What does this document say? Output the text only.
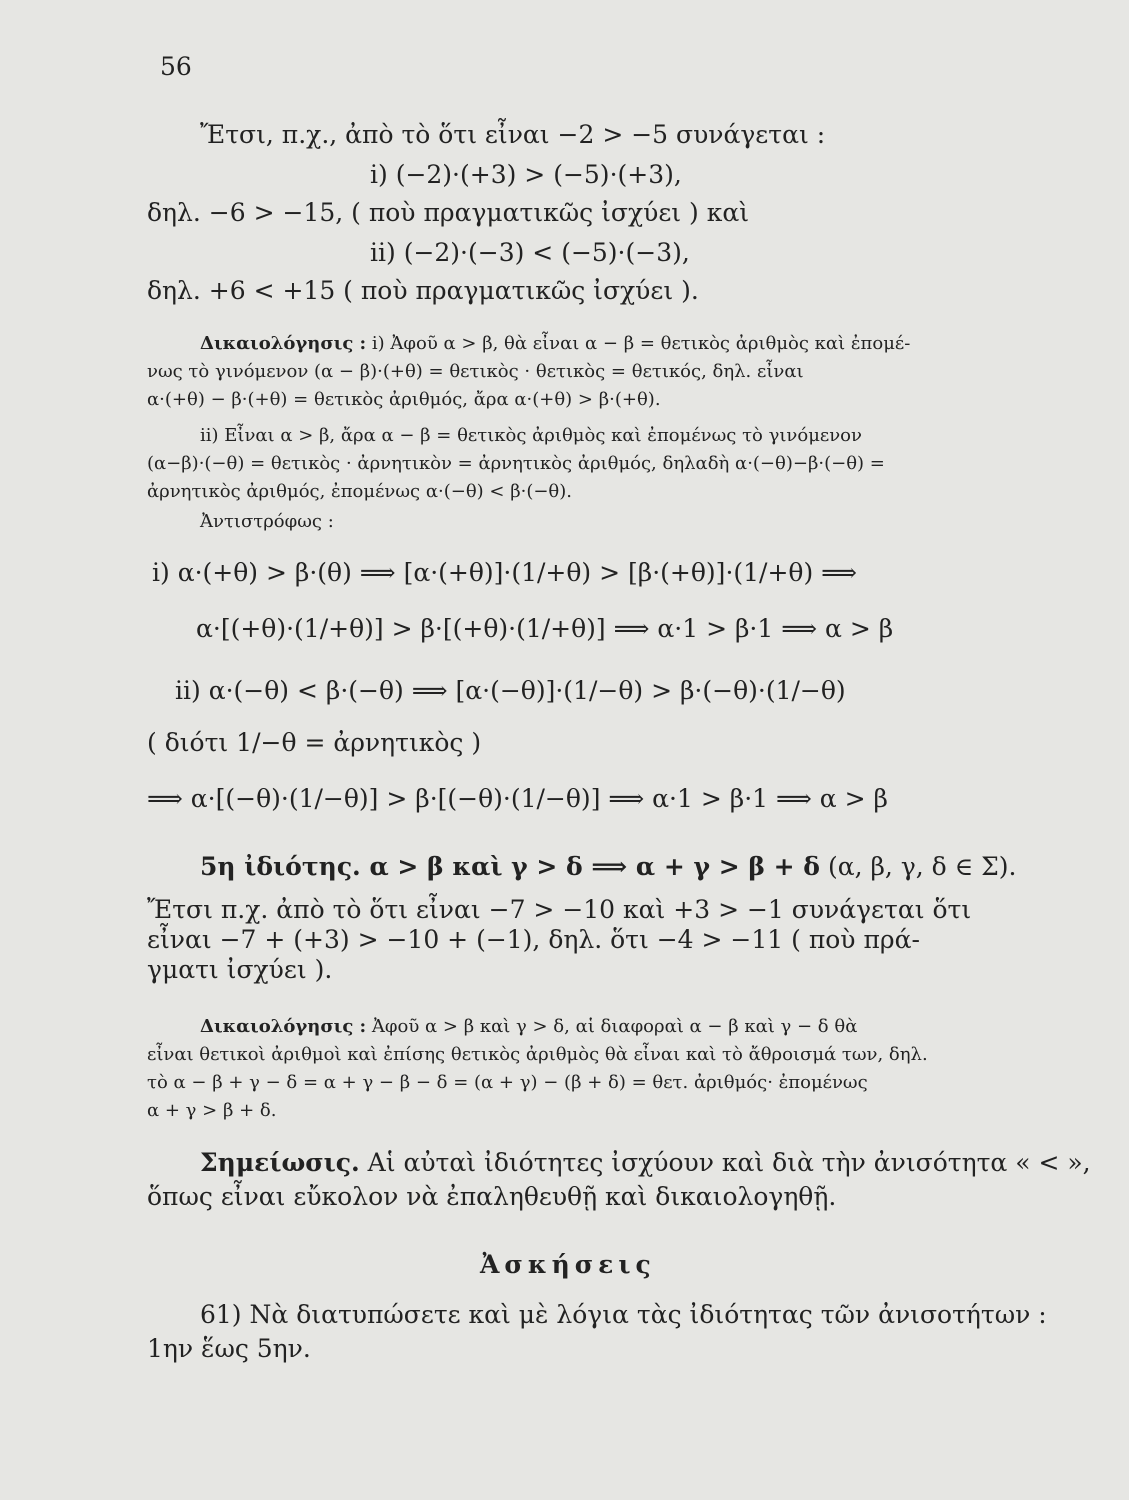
56
Ἔτσι, π.χ., ἀπὸ τὸ ὅτι εἶναι −2 > −5 συνάγεται :
i) (−2)·(+3) > (−5)·(+3),
δηλ. −6 > −15, ( ποὺ πραγματικῶς ἰσχύει ) καὶ
ii) (−2)·(−3) < (−5)·(−3),
δηλ. +6 < +15 ( ποὺ πραγματικῶς ἰσχύει ).
Δικαιολόγησις : i) Ἀφοῦ α > β, θὰ εἶναι α − β = θετικὸς ἀριθμὸς καὶ ἐπομέ-
νως τὸ γινόμενον (α − β)·(+θ) = θετικὸς · θετικὸς = θετικός, δηλ. εἶναι
α·(+θ) − β·(+θ) = θετικὸς ἀριθμός, ἄρα α·(+θ) > β·(+θ).
ii) Εἶναι α > β, ἄρα α − β = θετικὸς ἀριθμὸς καὶ ἐπομένως τὸ γινόμενον
(α−β)·(−θ) = θετικὸς · ἀρνητικὸν = ἀρνητικὸς ἀριθμός, δηλαδὴ α·(−θ)−β·(−θ) =
ἀρνητικὸς ἀριθμός, ἐπομένως α·(−θ) < β·(−θ).
Ἀντιστρόφως :
i) α·(+θ) > β·(θ) ⟹ [α·(+θ)]·(1/+θ) > [β·(+θ)]·(1/+θ) ⟹
α·[(+θ)·(1/+θ)] > β·[(+θ)·(1/+θ)] ⟹ α·1 > β·1 ⟹ α > β
ii) α·(−θ) < β·(−θ) ⟹ [α·(−θ)]·(1/−θ) > β·(−θ)·(1/−θ)
( διότι 1/−θ = ἀρνητικὸς )
⟹ α·[(−θ)·(1/−θ)] > β·[(−θ)·(1/−θ)] ⟹ α·1 > β·1 ⟹ α > β
5η ἰδιότης. α > β καὶ γ > δ ⟹ α + γ > β + δ (α, β, γ, δ ∈ Σ).
Ἔτσι π.χ. ἀπὸ τὸ ὅτι εἶναι −7 > −10 καὶ +3 > −1 συνάγεται ὅτι
εἶναι −7 + (+3) > −10 + (−1), δηλ. ὅτι −4 > −11 ( ποὺ πρά-
γματι ἰσχύει ).
Δικαιολόγησις : Ἀφοῦ α > β καὶ γ > δ, αἱ διαφοραὶ α − β καὶ γ − δ θὰ
εἶναι θετικοὶ ἀριθμοὶ καὶ ἐπίσης θετικὸς ἀριθμὸς θὰ εἶναι καὶ τὸ ἄθροισμά των, δηλ.
τὸ α − β + γ − δ = α + γ − β − δ = (α + γ) − (β + δ) = θετ. ἀριθμός· ἐπομένως
α + γ > β + δ.
Σημείωσις. Αἱ αὐταὶ ἰδιότητες ἰσχύουν καὶ διὰ τὴν ἀνισότητα « < »,
ὅπως εἶναι εὔκολον νὰ ἐπαληθευθῇ καὶ δικαιολογηθῇ.
Ἀσκήσεις
61) Νὰ διατυπώσετε καὶ μὲ λόγια τὰς ἰδιότητας τῶν ἀνισοτήτων :
1ην ἕως 5ην.
